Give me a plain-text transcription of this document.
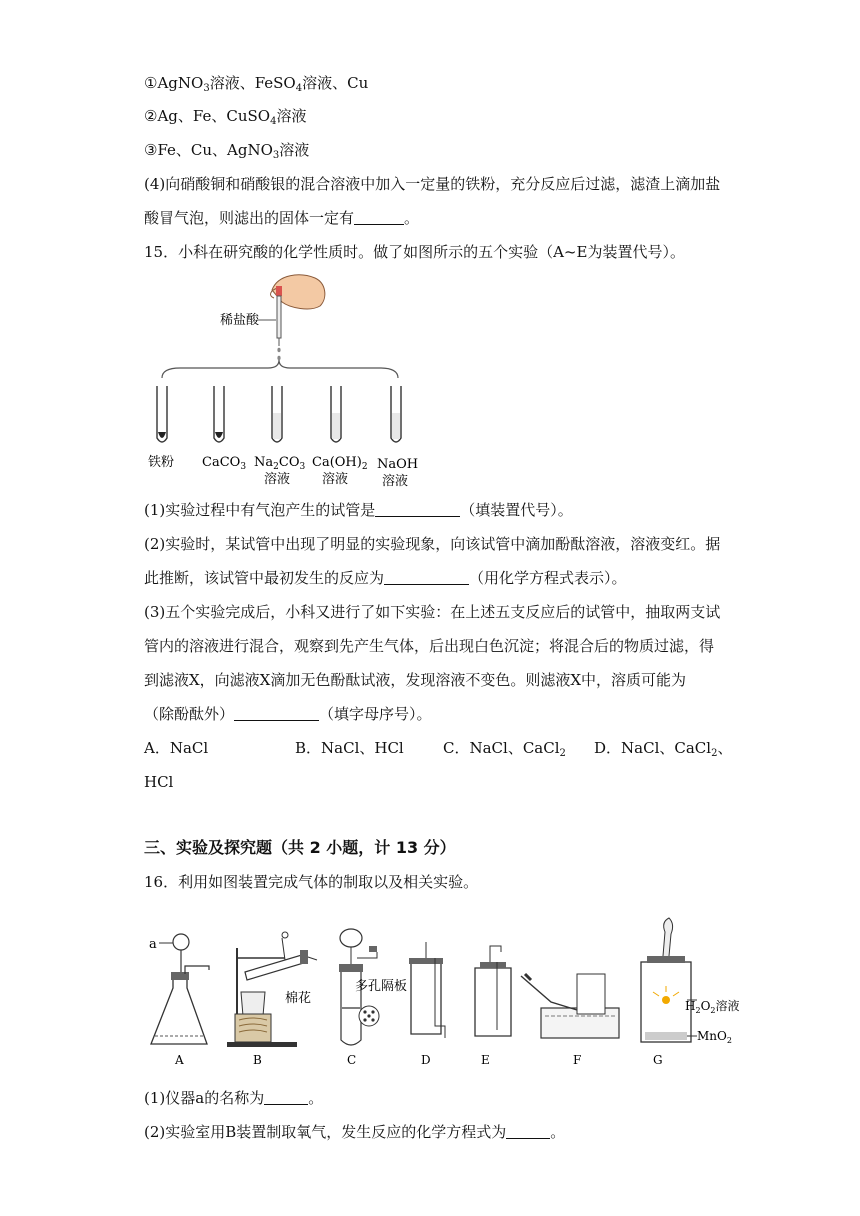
①AgNO$_3$溶液、FeSO$_4$溶液、Cu
②Ag、Fe、CuSO$_4$溶液
③Fe、Cu、AgNO$_3$溶液
(4)向硝酸铜和硝酸银的混合溶液中加入一定量的铁粉，充分反应后过滤，滤渣上滴加盐
酸冒气泡，则滤出的固体一定有	。
15．小科在研究酸的化学性质时。做了如图所示的五个实验（A~E为装置代号）。
稀盐酸
铁粉 CaCO$_3$ $Na_2CO_3$
溶液
$Ca(OH)_2$
溶液
NaOH
溶液
(1)实验过程中有气泡产生的试管是	（填装置代号）。
(2)实验时，某试管中出现了明显的实验现象，向该试管中滴加酚酞溶液，溶液变红。据
此推断，该试管中最初发生的反应为	（用化学方程式表示）。
(3)五个实验完成后，小科又进行了如下实验：在上述五支反应后的试管中，抽取两支试
管内的溶液进行混合，观察到先产生气体，后出现白色沉淀；将混合后的物质过滤，得
到滤液X，向滤液X滴加无色酚酞试液，发现溶液不变色。则滤液X中，溶质可能为
（除酚酞外）	（填字母序号）。
A．NaCl	B．NaCl、HCl	C．NaCl、CaCl$_2$ D．NaCl、CaCl$_2$、
HCl
三、实验及探究题（共 2 小题，计 13 分）
16．利用如图装置完成气体的制取以及相关实验。
a
A
棉花
B
多孔隔板
C	D	E	F
$H_2O_2$溶液
MnO$_2$
G
(1)仪器a的名称为	。
(2)实验室用B装置制取氧气，发生反应的化学方程式为	。
